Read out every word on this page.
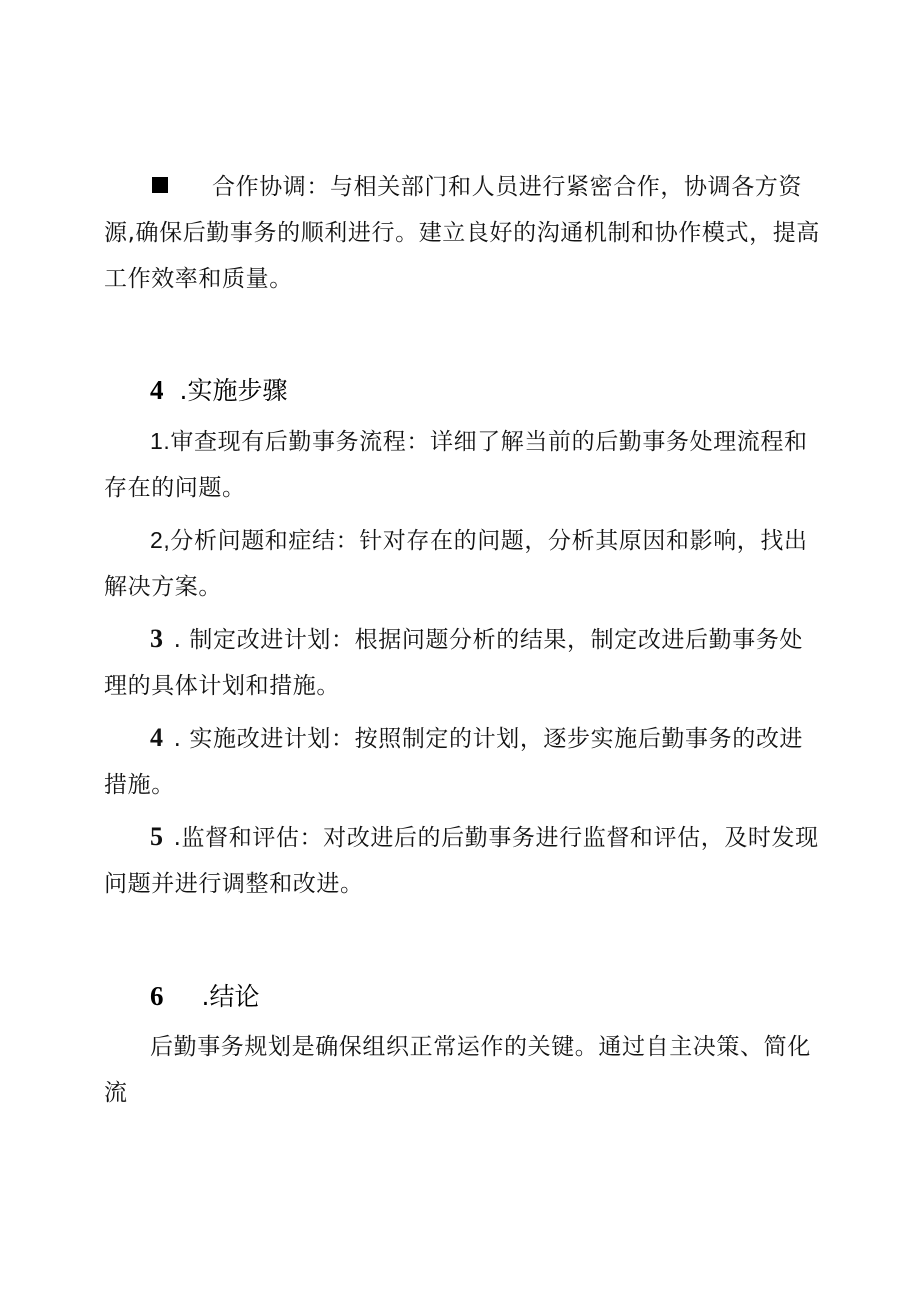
合作协调：与相关部门和人员进行紧密合作，协调各方资源,确保后勤事务的顺利进行。建立良好的沟通机制和协作模式，提高工作效率和质量。
4 .实施步骤

1.审查现有后勤事务流程：详细了解当前的后勤事务处理流程和存在的问题。

2,分析问题和症结：针对存在的问题，分析其原因和影响，找出解决方案。

3 . 制定改进计划：根据问题分析的结果，制定改进后勤事务处理的具体计划和措施。

4 . 实施改进计划：按照制定的计划，逐步实施后勤事务的改进措施。

5 .监督和评估：对改进后的后勤事务进行监督和评估，及时发现问题并进行调整和改进。

6 .结论
后勤事务规划是确保组织正常运作的关键。通过自主决策、简化流
